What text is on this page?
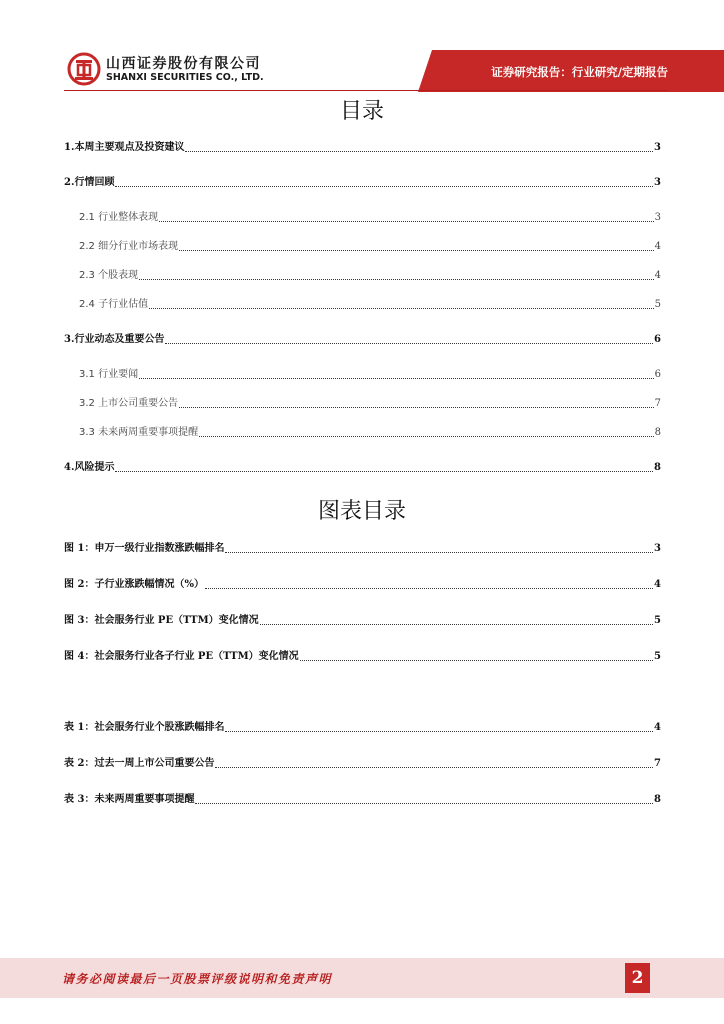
山西证券股份有限公司
SHANXI SECURITIES CO., LTD.	证券研究报告：行业研究/定期报告
目录
1.本周主要观点及投资建议	3
2.行情回顾	3
2.1 行业整体表现	3
2.2 细分行业市场表现	4
2.3 个股表现	4
2.4 子行业估值	5
3.行业动态及重要公告	6
3.1 行业要闻	6
3.2 上市公司重要公告	7
3.3 未来两周重要事项提醒	8
4.风险提示	8
图表目录
图 1：申万一级行业指数涨跌幅排名	3
图 2：子行业涨跌幅情况（%）	4
图 3：社会服务行业 PE（TTM）变化情况	5
图 4：社会服务行业各子行业 PE（TTM）变化情况	5
表 1：社会服务行业个股涨跌幅排名	4
表 2：过去一周上市公司重要公告	7
表 3：未来两周重要事项提醒	8
请务必阅读最后一页股票评级说明和免责声明	2
